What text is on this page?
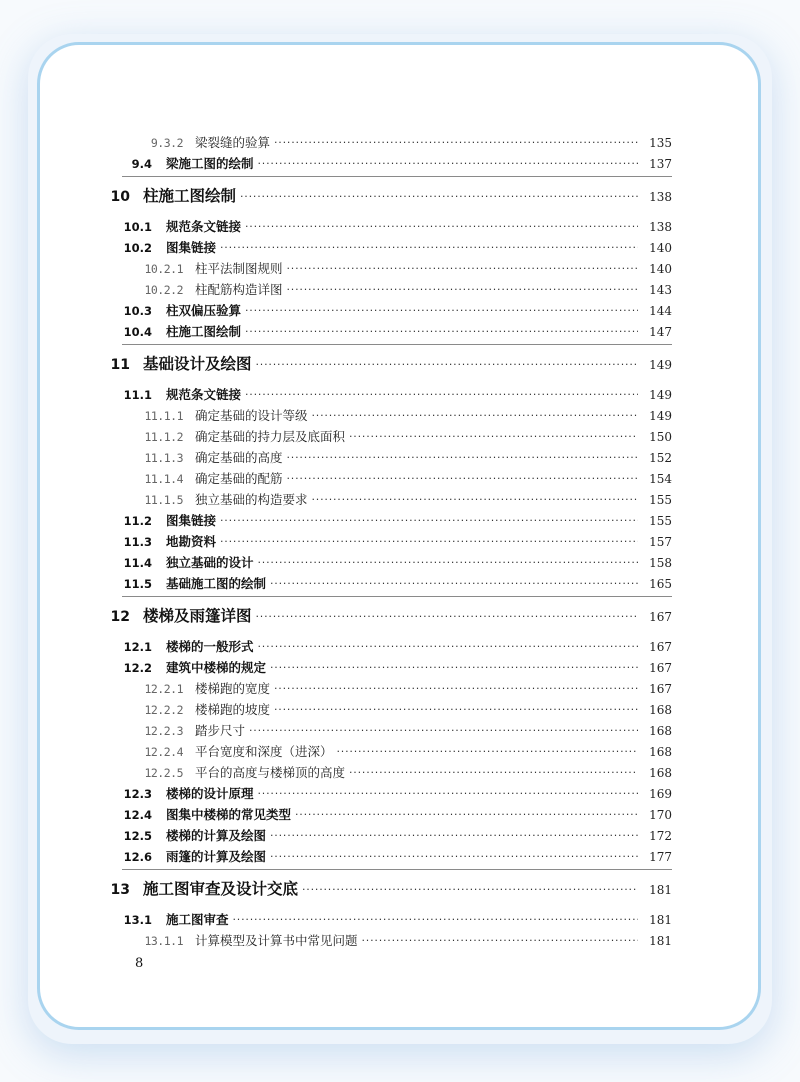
9.3.2 梁裂缝的验算 ·····	135
9.4	梁施工图的绘制 ·····	137
10 柱施工图绘制 ·····	138
10.1	规范条文链接 ·····	138
10.2	图集链接 ·····	140
10.2.1 柱平法制图规则 ·····	140
10.2.2 柱配筋构造详图 ·····	143
10.3	柱双偏压验算 ·····	144
10.4	柱施工图绘制 ·····	147
11 基础设计及绘图 ·····	149
11.1	规范条文链接 ·····	149
11.1.1 确定基础的设计等级 ·····	149
11.1.2 确定基础的持力层及底面积 ·····	150
11.1.3 确定基础的高度 ·····	152
11.1.4 确定基础的配筋 ·····	154
11.1.5 独立基础的构造要求 ·····	155
11.2	图集链接 ·····	155
11.3	地勘资料 ·····	157
11.4	独立基础的设计 ·····	158
11.5	基础施工图的绘制 ·····	165
12 楼梯及雨篷详图 ·····	167
12.1	楼梯的一般形式 ·····	167
12.2	建筑中楼梯的规定 ·····	167
12.2.1 楼梯跑的宽度 ·····	167
12.2.2 楼梯跑的坡度 ·····	168
12.2.3 踏步尺寸 ·····	168
12.2.4 平台宽度和深度（进深） ·····	168
12.2.5 平台的高度与楼梯顶的高度 ·····	168
12.3	楼梯的设计原理 ·····	169
12.4	图集中楼梯的常见类型 ·····	170
12.5	楼梯的计算及绘图 ·····	172
12.6	雨篷的计算及绘图 ·····	177
13 施工图审查及设计交底 ·····	181
13.1	施工图审查 ·····	181
13.1.1 计算模型及计算书中常见问题 ·····	181
8
